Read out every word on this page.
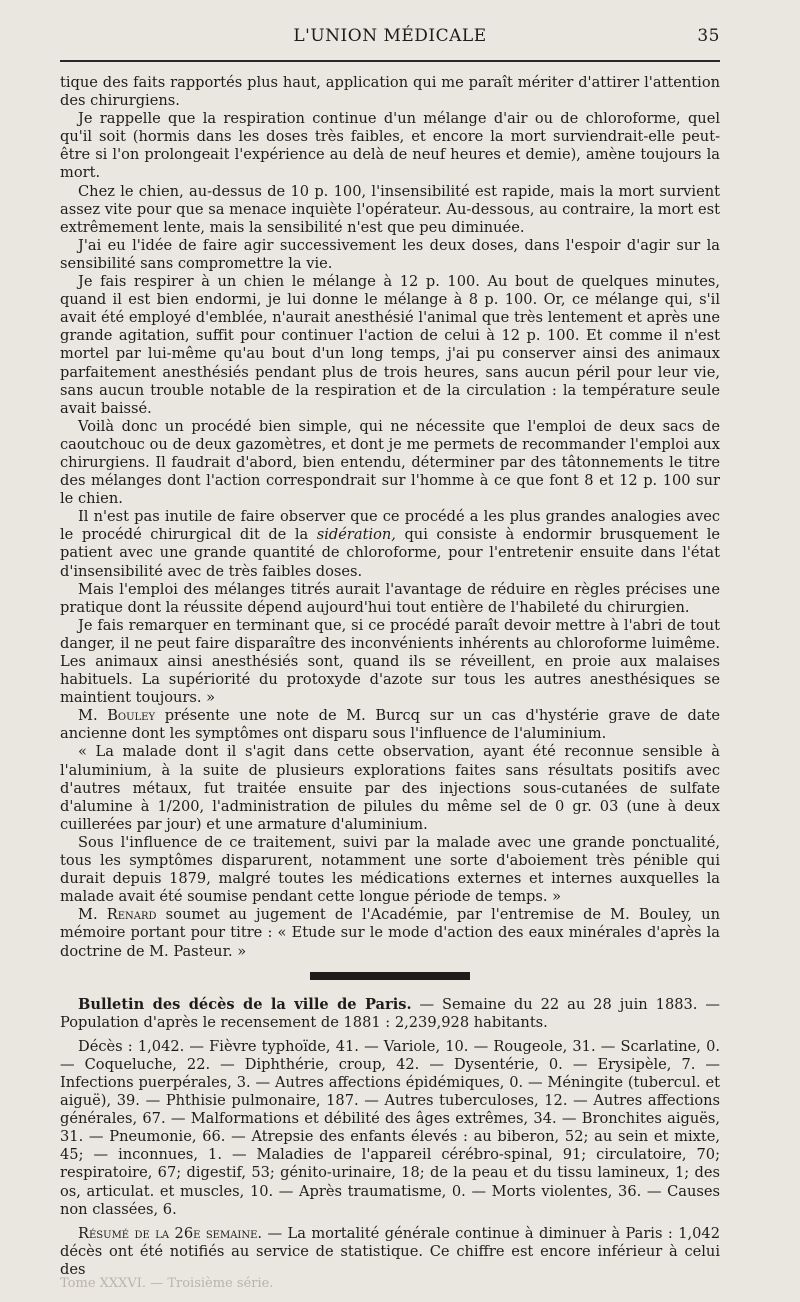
L'UNION MÉDICALE	35

tique des faits rapportés plus haut, application qui me paraît mériter d'attirer l'attention des chirurgiens.

Je rappelle que la respiration continue d'un mélange d'air ou de chloroforme, quel qu'il soit (hormis dans les doses très faibles, et encore la mort surviendrait-elle peut-être si l'on prolongeait l'expérience au delà de neuf heures et demie), amène toujours la mort.

Chez le chien, au-dessus de 10 p. 100, l'insensibilité est rapide, mais la mort survient assez vite pour que sa menace inquiète l'opérateur. Au-dessous, au contraire, la mort est extrêmement lente, mais la sensibilité n'est que peu diminuée.

J'ai eu l'idée de faire agir successivement les deux doses, dans l'espoir d'agir sur la sensibilité sans compromettre la vie.

Je fais respirer à un chien le mélange à 12 p. 100. Au bout de quelques minutes, quand il est bien endormi, je lui donne le mélange à 8 p. 100. Or, ce mélange qui, s'il avait été employé d'emblée, n'aurait anesthésié l'animal que très lentement et après une grande agitation, suffit pour continuer l'action de celui à 12 p. 100. Et comme il n'est mortel par lui-même qu'au bout d'un long temps, j'ai pu conserver ainsi des animaux parfaitement anesthésiés pendant plus de trois heures, sans aucun péril pour leur vie, sans aucun trouble notable de la respiration et de la circulation : la température seule avait baissé.

Voilà donc un procédé bien simple, qui ne nécessite que l'emploi de deux sacs de caoutchouc ou de deux gazomètres, et dont je me permets de recommander l'emploi aux chirurgiens. Il faudrait d'abord, bien entendu, déterminer par des tâtonnements le titre des mélanges dont l'action correspondrait sur l'homme à ce que font 8 et 12 p. 100 sur le chien.

Il n'est pas inutile de faire observer que ce procédé a les plus grandes analogies avec le procédé chirurgical dit de la sidération, qui consiste à endormir brusquement le patient avec une grande quantité de chloroforme, pour l'entretenir ensuite dans l'état d'insensibilité avec de très faibles doses.

Mais l'emploi des mélanges titrés aurait l'avantage de réduire en règles précises une pratique dont la réussite dépend aujourd'hui tout entière de l'habileté du chirurgien.

Je fais remarquer en terminant que, si ce procédé paraît devoir mettre à l'abri de tout danger, il ne peut faire disparaître des inconvénients inhérents au chloroforme luimême. Les animaux ainsi anesthésiés sont, quand ils se réveillent, en proie aux malaises habituels. La supériorité du protoxyde d'azote sur tous les autres anesthésiques se maintient toujours. »

M. Bouley présente une note de M. Burcq sur un cas d'hystérie grave de date ancienne dont les symptômes ont disparu sous l'influence de l'aluminium.

« La malade dont il s'agit dans cette observation, ayant été reconnue sensible à l'aluminium, à la suite de plusieurs explorations faites sans résultats positifs avec d'autres métaux, fut traitée ensuite par des injections sous-cutanées de sulfate d'alumine à 1/200, l'administration de pilules du même sel de 0 gr. 03 (une à deux cuillerées par jour) et une armature d'aluminium.

Sous l'influence de ce traitement, suivi par la malade avec une grande ponctualité, tous les symptômes disparurent, notamment une sorte d'aboiement très pénible qui durait depuis 1879, malgré toutes les médications externes et internes auxquelles la malade avait été soumise pendant cette longue période de temps. »

M. Renard soumet au jugement de l'Académie, par l'entremise de M. Bouley, un mémoire portant pour titre : « Etude sur le mode d'action des eaux minérales d'après la doctrine de M. Pasteur. »

Bulletin des décès de la ville de Paris. — Semaine du 22 au 28 juin 1883. — Population d'après le recensement de 1881 : 2,239,928 habitants.

Décès : 1,042. — Fièvre typhoïde, 41. — Variole, 10. — Rougeole, 31. — Scarlatine, 0. — Coqueluche, 22. — Diphthérie, croup, 42. — Dysentérie, 0. — Erysipèle, 7. — Infections puerpérales, 3. — Autres affections épidémiques, 0. — Méningite (tubercul. et aiguë), 39. — Phthisie pulmonaire, 187. — Autres tuberculoses, 12. — Autres affections générales, 67. — Malformations et débilité des âges extrêmes, 34. — Bronchites aiguës, 31. — Pneumonie, 66. — Atrepsie des enfants élevés : au biberon, 52; au sein et mixte, 45; — inconnues, 1. — Maladies de l'appareil cérébro-spinal, 91; circulatoire, 70; respiratoire, 67; digestif, 53; génito-urinaire, 18; de la peau et du tissu lamineux, 1; des os, articulat. et muscles, 10. — Après traumatisme, 0. — Morts violentes, 36. — Causes non classées, 6.

Résumé de la 26e semaine. — La mortalité générale continue à diminuer à Paris : 1,042 décès ont été notifiés au service de statistique. Ce chiffre est encore inférieur à celui des

Tome XXXVI. — Troisième série.
